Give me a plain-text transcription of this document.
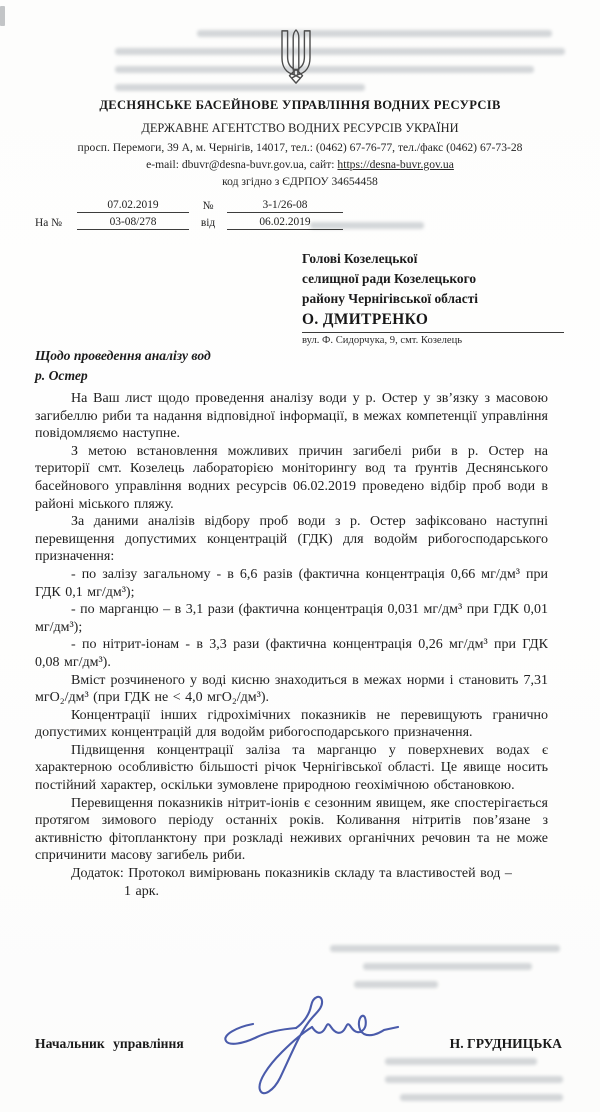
ДЕСНЯНСЬКЕ БАСЕЙНОВЕ УПРАВЛІННЯ ВОДНИХ РЕСУРСІВ
ДЕРЖАВНЕ АГЕНТСТВО ВОДНИХ РЕСУРСІВ УКРАЇНИ
просп. Перемоги, 39 А, м. Чернігів, 14017, тел.: (0462) 67-76-77, тел./факс (0462) 67-73-28
e-mail: dbuvr@desna-buvr.gov.ua, сайт: https://desna-buvr.gov.ua
код згідно з ЄДРПОУ 34654458
07.02.2019	№	3-1/26-08
На №	03-08/278	від	06.02.2019
Голові Козелецької
селищної ради Козелецького
району Чернігівської області
О. ДМИТРЕНКО
вул. Ф. Сидорчука, 9, смт. Козелець
Щодо проведення аналізу вод
р. Остер

На Ваш лист щодо проведення аналізу води у р. Остер у зв’язку з масовою загибеллю риби та надання відповідної інформації, в межах компетенції управління повідомляємо наступне.

З метою встановлення можливих причин загибелі риби в р. Остер на території смт. Козелець лабораторією моніторингу вод та ґрунтів Деснянського басейнового управління водних ресурсів 06.02.2019 проведено відбір проб води в районі міського пляжу.

За даними аналізів відбору проб води з р. Остер зафіксовано наступні перевищення допустимих концентрацій (ГДК) для водойм рибогосподарського призначення:

- по залізу загальному - в 6,6 разів (фактична концентрація 0,66 мг/дм³ при ГДК 0,1 мг/дм³);

- по марганцю – в 3,1 рази (фактична концентрація 0,031 мг/дм³ при ГДК 0,01 мг/дм³);

- по нітрит-іонам - в 3,3 рази (фактична концентрація 0,26 мг/дм³ при ГДК 0,08 мг/дм³).

Вміст розчиненого у воді кисню знаходиться в межах норми і становить 7,31 мгО₂/дм³ (при ГДК не < 4,0 мгО₂/дм³).

Концентрації інших гідрохімічних показників не перевищують гранично допустимих концентрацій для водойм рибогосподарського призначення.

Підвищення концентрації заліза та марганцю у поверхневих водах є характерною особливістю більшості річок Чернігівської області. Це явище носить постійний характер, оскільки зумовлене природною геохімічною обстановкою.

Перевищення показників нітрит-іонів є сезонним явищем, яке спостерігається протягом зимового періоду останніх років. Коливання нітритів пов’язане з активністю фітопланктону при розкладі неживих органічних речовин та не може спричинити масову загибель риби.

Додаток: Протокол вимірювань показників складу та властивостей вод –

1 арк.

Начальник управління	Н. ГРУДНИЦЬКА
